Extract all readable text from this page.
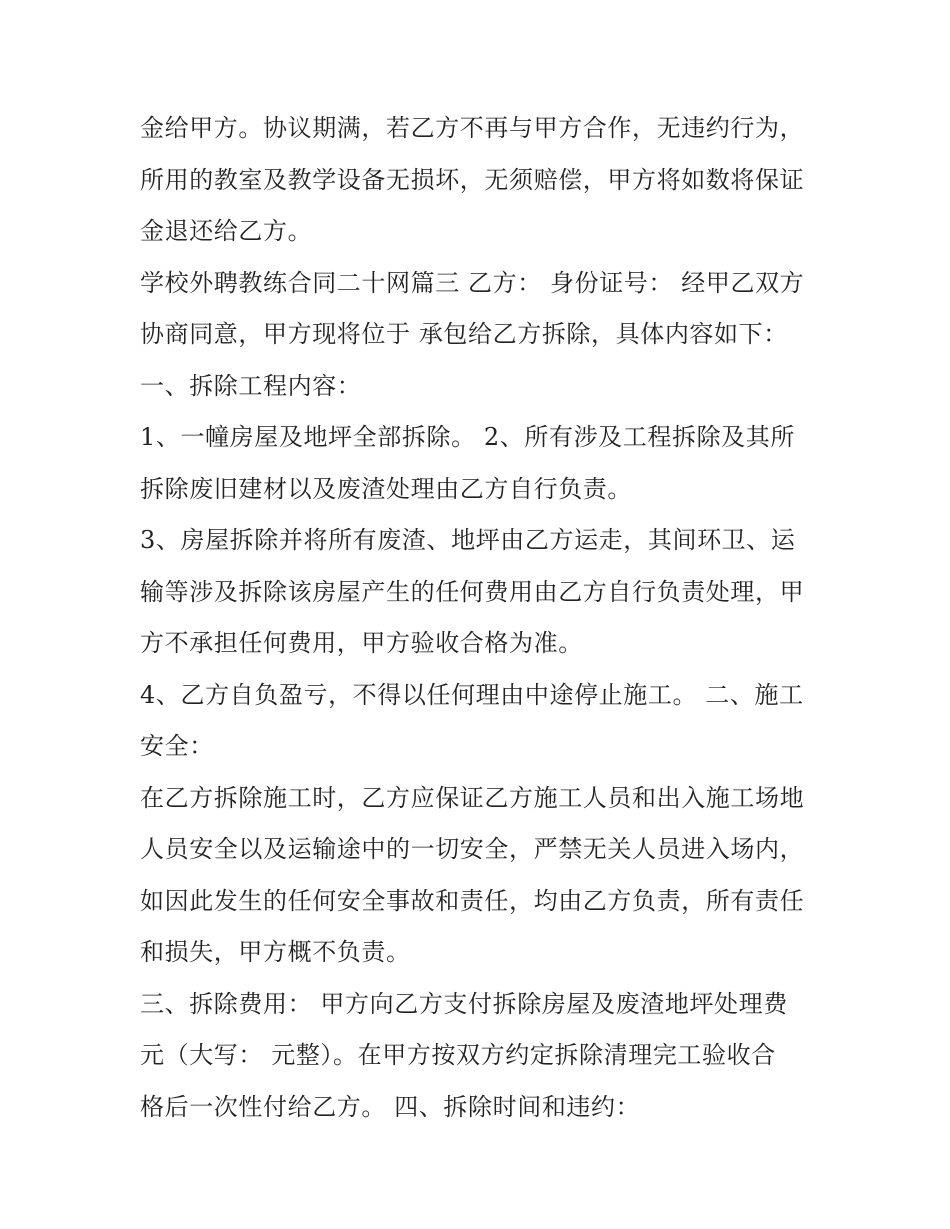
金给甲方。协议期满，若乙方不再与甲方合作，无违约行为，
所用的教室及教学设备无损坏，无须赔偿，甲方将如数将保证
金退还给乙方。
学校外聘教练合同二十网篇三 乙方： 身份证号： 经甲乙双方
协商同意，甲方现将位于 承包给乙方拆除，具体内容如下：
一、拆除工程内容：
1、一幢房屋及地坪全部拆除。 2、所有涉及工程拆除及其所
拆除废旧建材以及废渣处理由乙方自行负责。
3、房屋拆除并将所有废渣、地坪由乙方运走，其间环卫、运
输等涉及拆除该房屋产生的任何费用由乙方自行负责处理，甲
方不承担任何费用，甲方验收合格为准。
4、乙方自负盈亏，不得以任何理由中途停止施工。 二、施工
安全：
在乙方拆除施工时，乙方应保证乙方施工人员和出入施工场地
人员安全以及运输途中的一切安全，严禁无关人员进入场内，
如因此发生的任何安全事故和责任，均由乙方负责，所有责任
和损失，甲方概不负责。
三、拆除费用： 甲方向乙方支付拆除房屋及废渣地坪处理费
元（大写： 元整）。在甲方按双方约定拆除清理完工验收合
格后一次性付给乙方。 四、拆除时间和违约：
